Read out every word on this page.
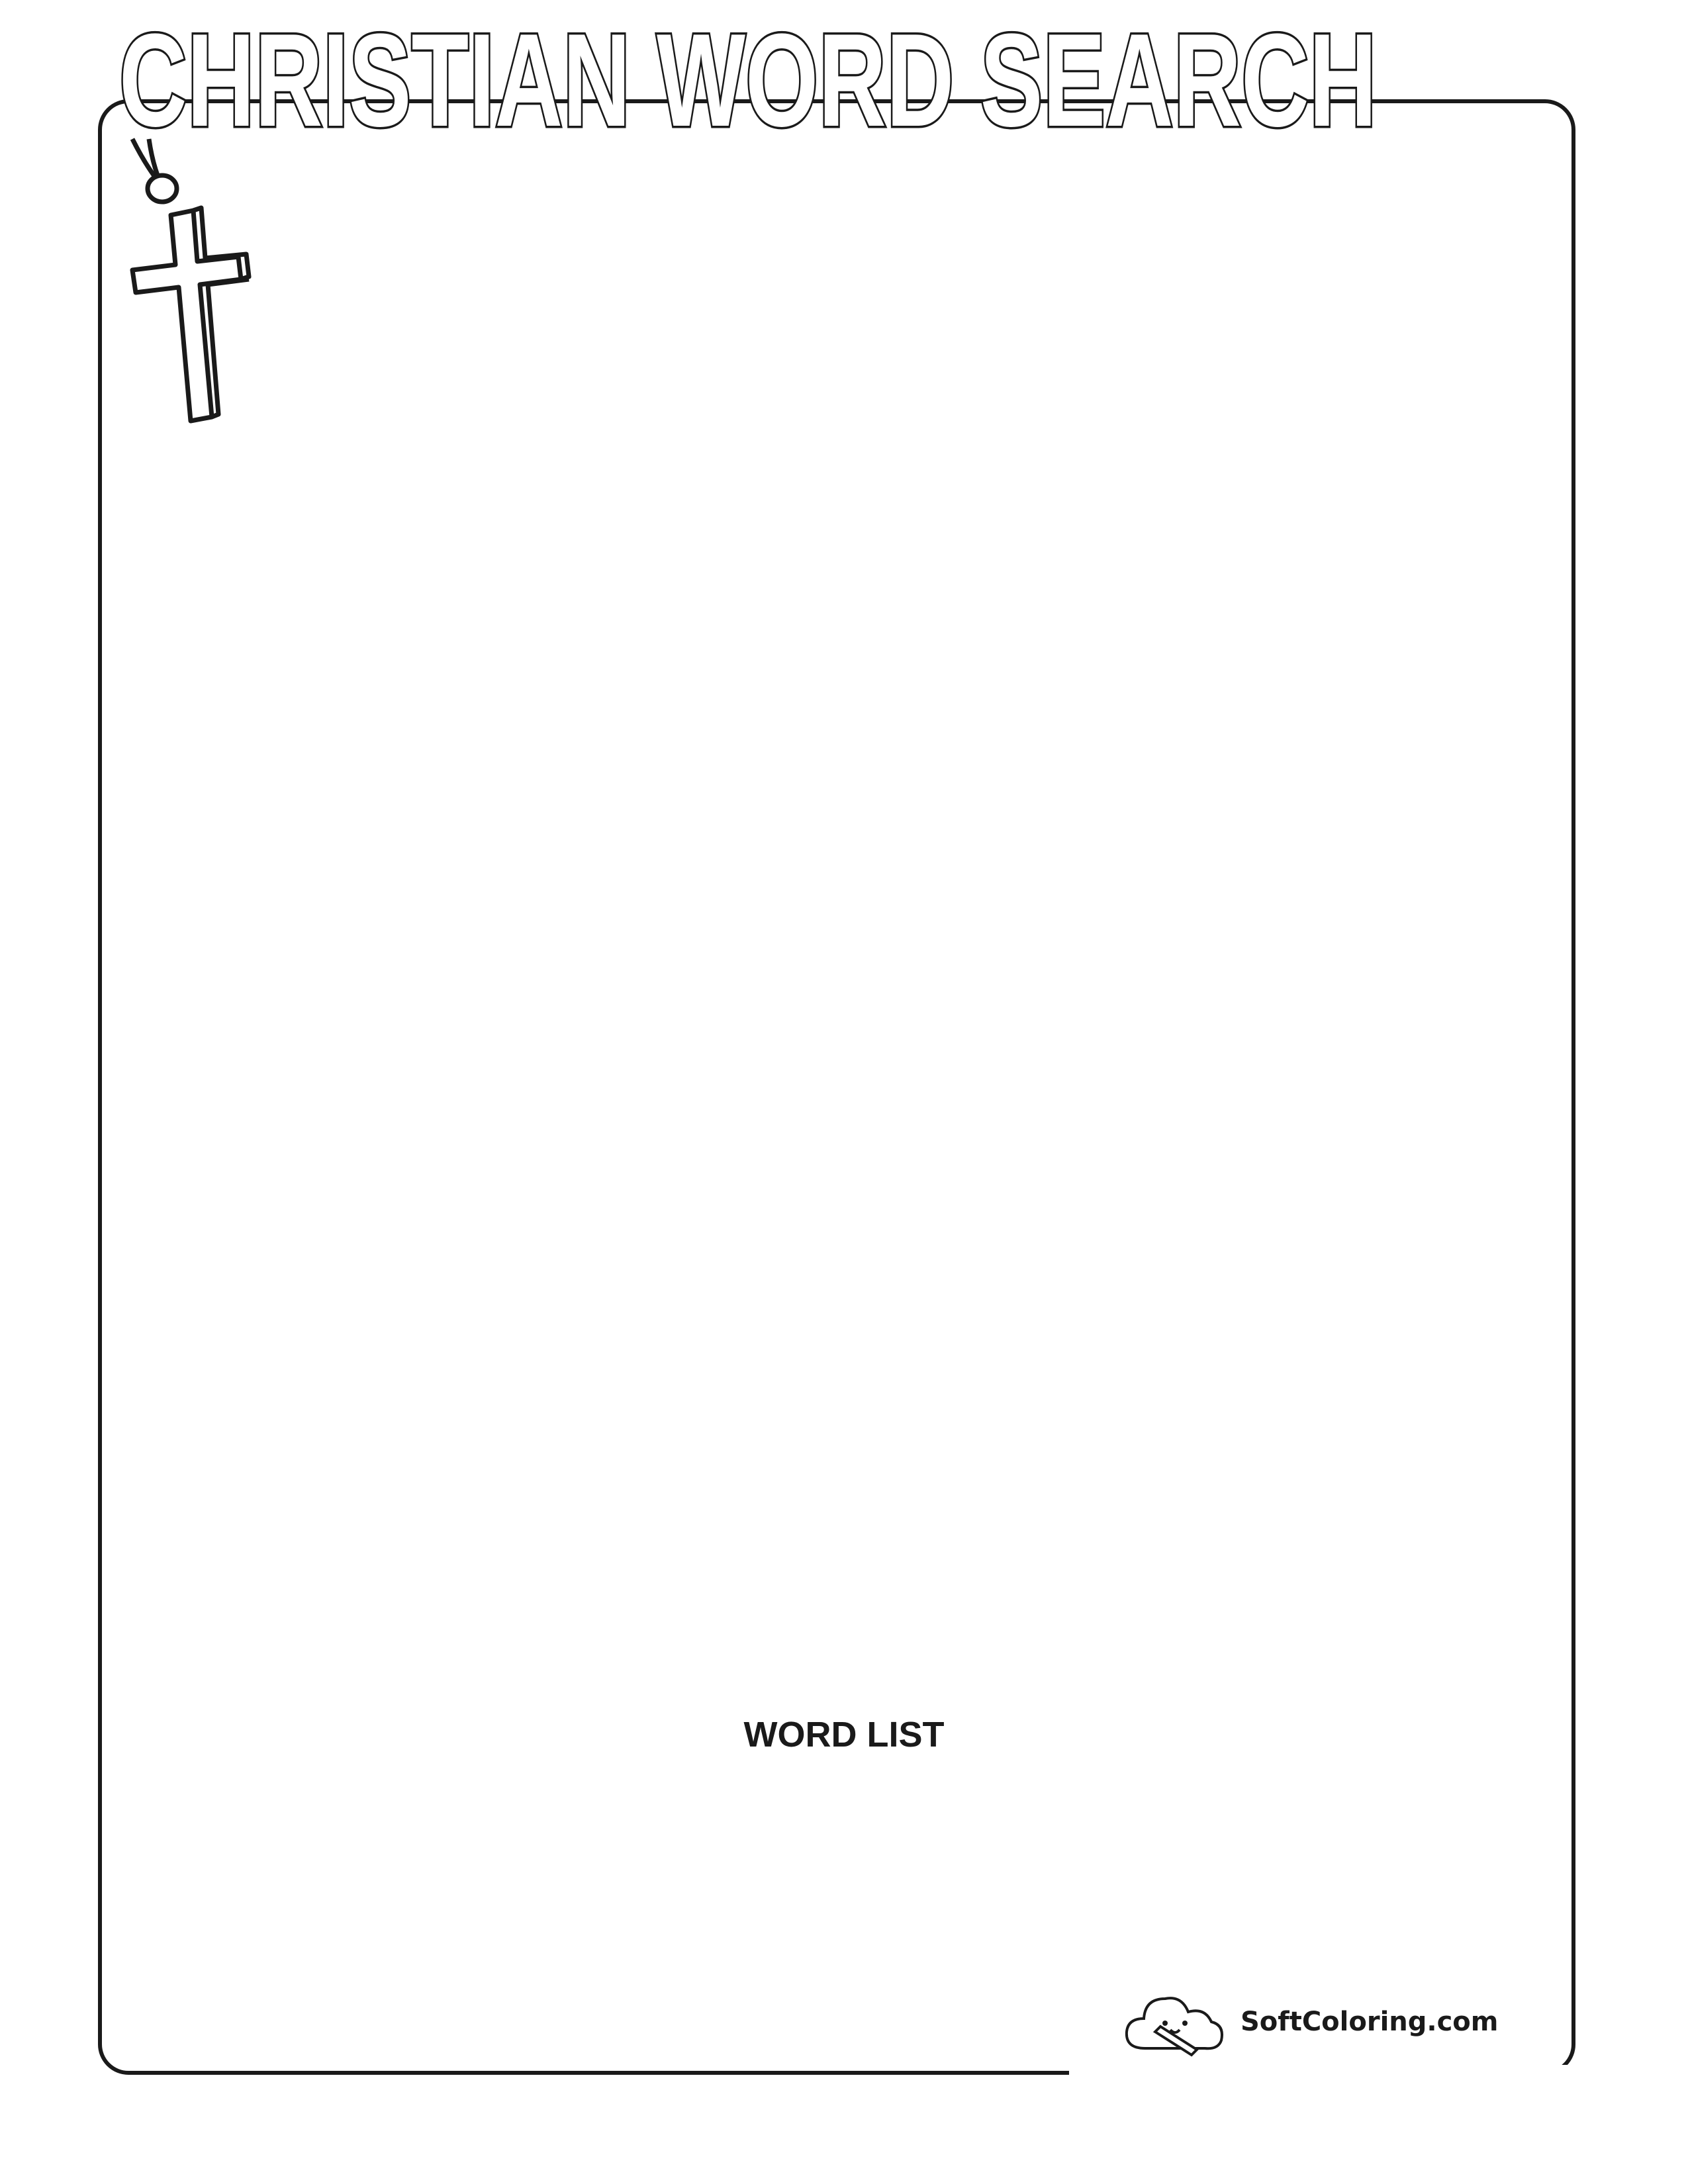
CHRISTIAN WORD SEARCH
WORD LIST
SoftColoring.com
